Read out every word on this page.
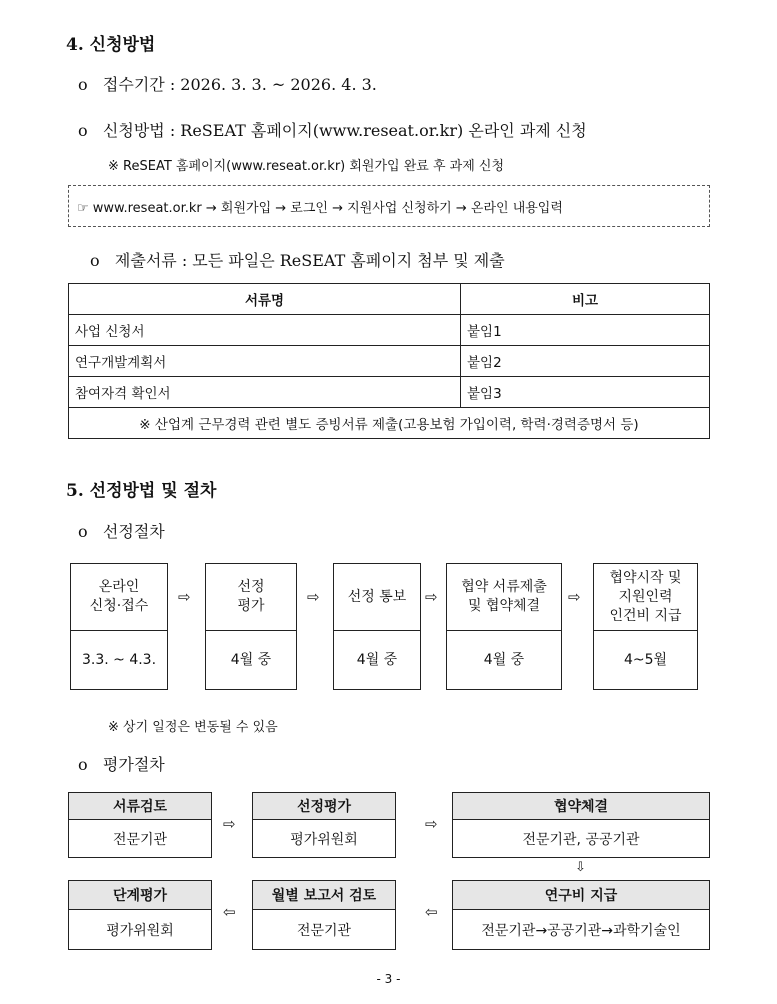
4. 신청방법
o 접수기간 : 2026. 3. 3. ~ 2026. 4. 3.
o 신청방법 : ReSEAT 홈페이지(www.reseat.or.kr) 온라인 과제 신청
※ ReSEAT 홈페이지(www.reseat.or.kr) 회원가입 완료 후 과제 신청
☞ www.reseat.or.kr → 회원가입 → 로그인 → 지원사업 신청하기 → 온라인 내용입력
o 제출서류 : 모든 파일은 ReSEAT 홈페이지 첨부 및 제출
서류명	비고
사업 신청서	붙임1
연구개발계획서	붙임2
참여자격 확인서	붙임3
※ 산업계 근무경력 관련 별도 증빙서류 제출(고용보험 가입이력, 학력·경력증명서 등)	
5. 선정방법 및 절차
o 선정절차
온라인
신청·접수
3.3. ~ 4.3.
선정
평가
4월 중
선정 통보
4월 중
협약 서류제출
및 협약체결
4월 중
협약시작 및
지원인력
인건비 지급
4~5월
⇨	⇨	⇨	⇨
※ 상기 일정은 변동될 수 있음
o 평가절차
서류검토
전문기관
선정평가
평가위원회
협약체결
전문기관, 공공기관
⇨	⇨
⇩
단계평가
평가위원회
월별 보고서 검토
전문기관
연구비 지급
전문기관→공공기관→과학기술인
⇦	⇦
- 3 -
